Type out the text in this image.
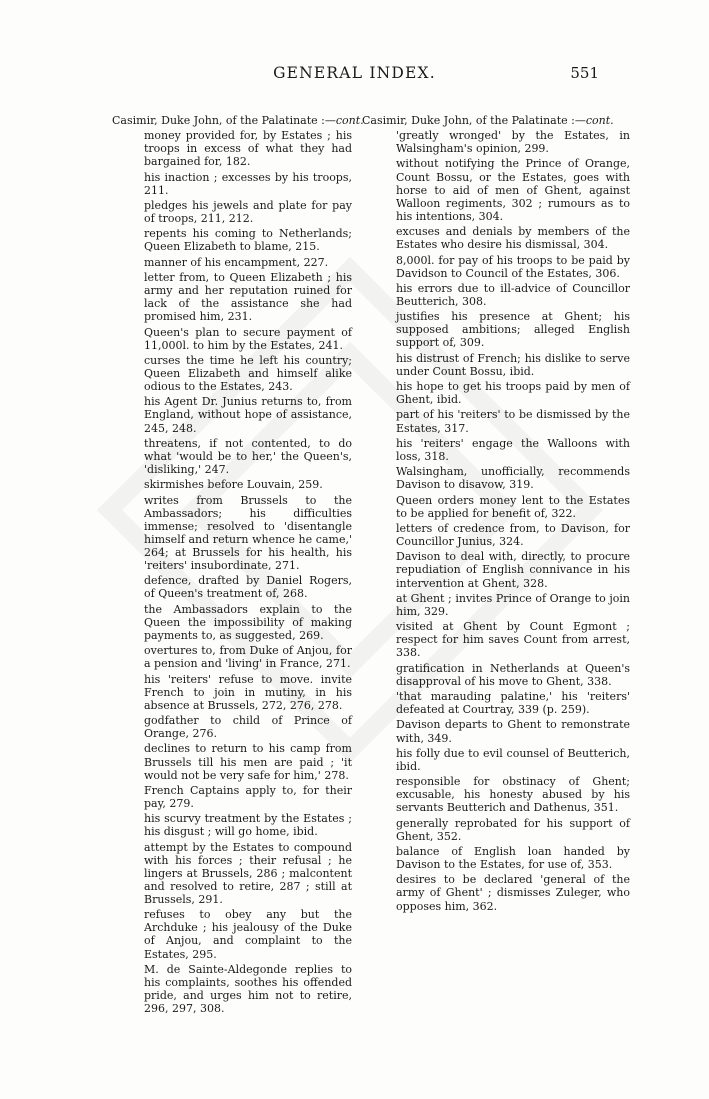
GENERAL INDEX.	551
Casimir, Duke John, of the Palatinate :—cont.
money provided for, by Estates ; his troops in excess of what they had bargained for, 182.
his inaction ; excesses by his troops, 211.
pledges his jewels and plate for pay of troops, 211, 212.
repents his coming to Netherlands; Queen Elizabeth to blame, 215.
manner of his encampment, 227.
letter from, to Queen Elizabeth ; his army and her reputation ruined for lack of the assistance she had promised him, 231.
Queen's plan to secure payment of 11,000l. to him by the Estates, 241.
curses the time he left his country; Queen Elizabeth and himself alike odious to the Estates, 243.
his Agent Dr. Junius returns to, from England, without hope of assistance, 245, 248.
threatens, if not contented, to do what 'would be to her,' the Queen's, 'disliking,' 247.
skirmishes before Louvain, 259.
writes from Brussels to the Ambassadors; his difficulties immense; resolved to 'disentangle himself and return whence he came,' 264; at Brussels for his health, his 'reiters' insubordinate, 271.
defence, drafted by Daniel Rogers, of Queen's treatment of, 268.
the Ambassadors explain to the Queen the impossibility of making payments to, as suggested, 269.
overtures to, from Duke of Anjou, for a pension and 'living' in France, 271.
his 'reiters' refuse to move. invite French to join in mutiny, in his absence at Brussels, 272, 276, 278.
godfather to child of Prince of Orange, 276.
declines to return to his camp from Brussels till his men are paid ; 'it would not be very safe for him,' 278.
French Captains apply to, for their pay, 279.
his scurvy treatment by the Estates ; his disgust ; will go home, ibid.
attempt by the Estates to compound with his forces ; their refusal ; he lingers at Brussels, 286 ; malcontent and resolved to retire, 287 ; still at Brussels, 291.
refuses to obey any but the Archduke ; his jealousy of the Duke of Anjou, and complaint to the Estates, 295.
M. de Sainte-Aldegonde replies to his complaints, soothes his offended pride, and urges him not to retire, 296, 297, 308.
Casimir, Duke John, of the Palatinate :—cont.
'greatly wronged' by the Estates, in Walsingham's opinion, 299.
without notifying the Prince of Orange, Count Bossu, or the Estates, goes with horse to aid of men of Ghent, against Walloon regiments, 302 ; rumours as to his intentions, 304.
excuses and denials by members of the Estates who desire his dismissal, 304.
8,000l. for pay of his troops to be paid by Davidson to Council of the Estates, 306.
his errors due to ill-advice of Councillor Beutterich, 308.
justifies his presence at Ghent; his supposed ambitions; alleged English support of, 309.
his distrust of French; his dislike to serve under Count Bossu, ibid.
his hope to get his troops paid by men of Ghent, ibid.
part of his 'reiters' to be dismissed by the Estates, 317.
his 'reiters' engage the Walloons with loss, 318.
Walsingham, unofficially, recommends Davison to disavow, 319.
Queen orders money lent to the Estates to be applied for benefit of, 322.
letters of credence from, to Davison, for Councillor Junius, 324.
Davison to deal with, directly, to procure repudiation of English connivance in his intervention at Ghent, 328.
at Ghent ; invites Prince of Orange to join him, 329.
visited at Ghent by Count Egmont ; respect for him saves Count from arrest, 338.
gratification in Netherlands at Queen's disapproval of his move to Ghent, 338.
'that marauding palatine,' his 'reiters' defeated at Courtray, 339 (p. 259).
Davison departs to Ghent to remonstrate with, 349.
his folly due to evil counsel of Beutterich, ibid.
responsible for obstinacy of Ghent; excusable, his honesty abused by his servants Beutterich and Dathenus, 351.
generally reprobated for his support of Ghent, 352.
balance of English loan handed by Davison to the Estates, for use of, 353.
desires to be declared 'general of the army of Ghent' ; dismisses Zuleger, who opposes him, 362.
